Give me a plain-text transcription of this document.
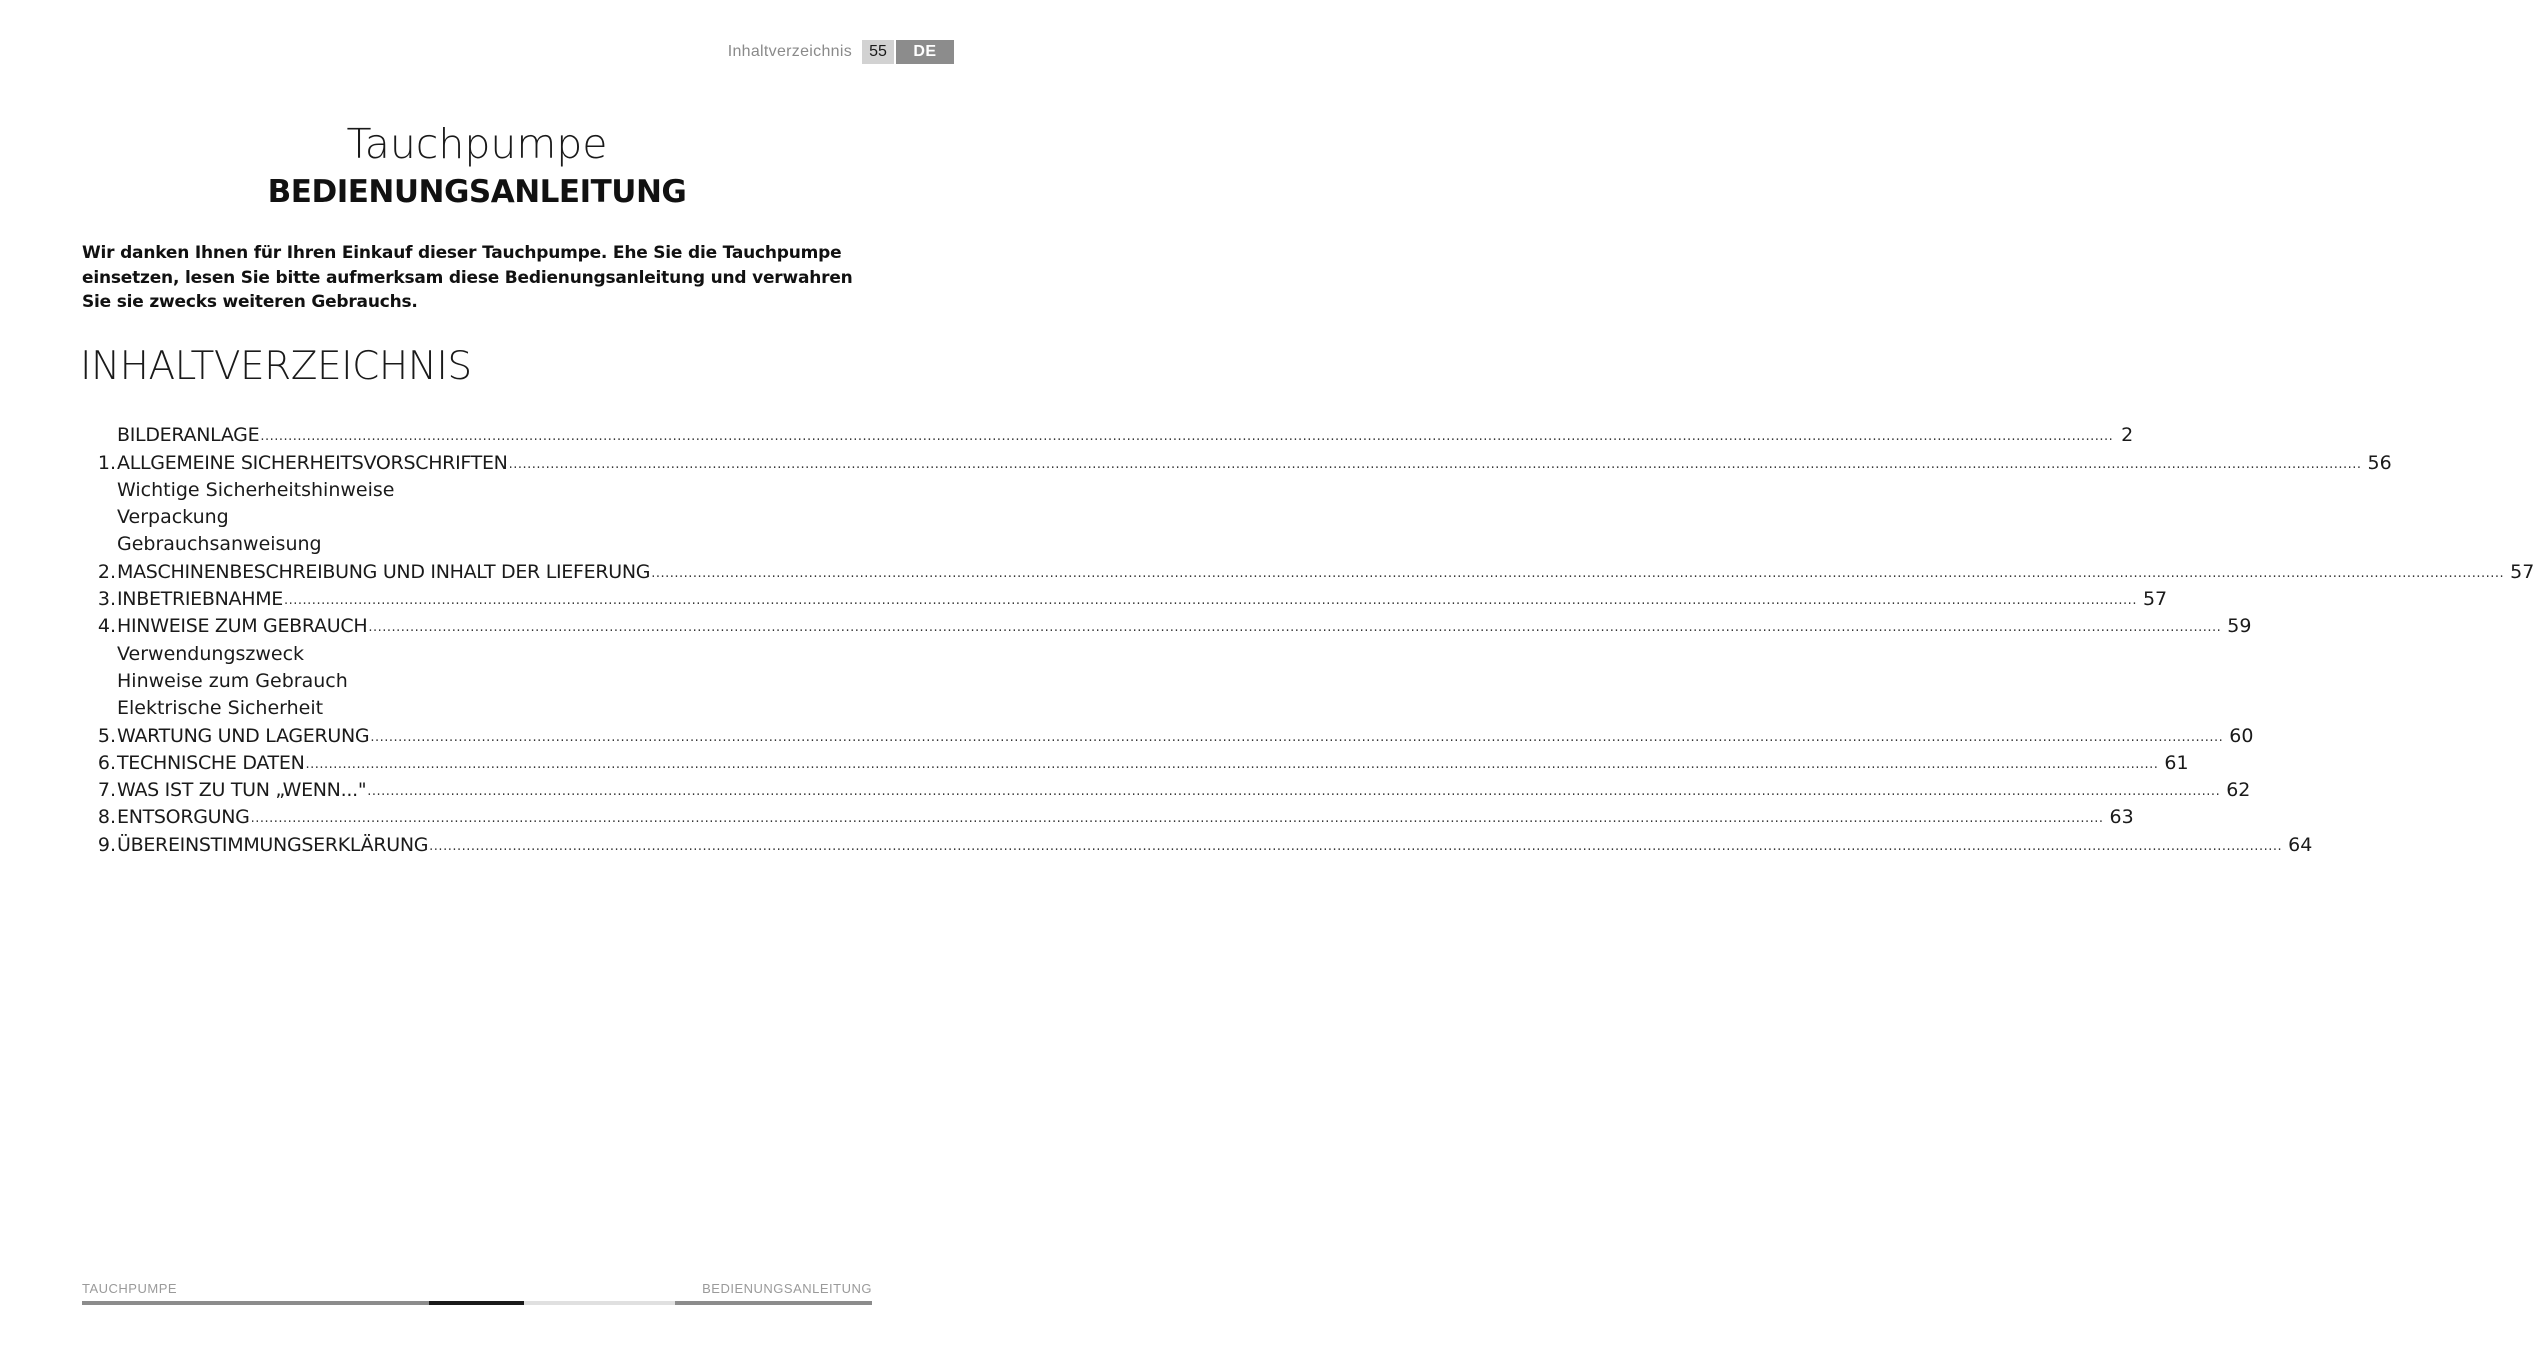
Inhaltverzeichnis	55	DE
Tauchpumpe
BEDIENUNGSANLEITUNG

Wir danken Ihnen für Ihren Einkauf dieser Tauchpumpe. Ehe Sie die Tauchpumpe einsetzen, lesen Sie bitte aufmerksam diese Bedienungsanleitung und verwahren Sie sie zwecks weiteren Gebrauchs.

INHALTVERZEICHNIS
BILDERANLAGE ................................................................................................................................................................................................................................................................................................................................................................................................................ 2
1. ALLGEMEINE SICHERHEITSVORSCHRIFTEN ................................................................................................................................................................................................................................................................................................................................................................................................................ 56
Wichtige Sicherheitshinweise
Verpackung
Gebrauchsanweisung
2. MASCHINENBESCHREIBUNG UND INHALT DER LIEFERUNG ................................................................................................................................................................................................................................................................................................................................................................................................................ 57
3. INBETRIEBNAHME ................................................................................................................................................................................................................................................................................................................................................................................................................ 57
4. HINWEISE ZUM GEBRAUCH ................................................................................................................................................................................................................................................................................................................................................................................................................ 59
Verwendungszweck
Hinweise zum Gebrauch
Elektrische Sicherheit
5. WARTUNG UND LAGERUNG ................................................................................................................................................................................................................................................................................................................................................................................................................ 60
6. TECHNISCHE DATEN ................................................................................................................................................................................................................................................................................................................................................................................................................ 61
7. WAS IST ZU TUN „WENN..." ................................................................................................................................................................................................................................................................................................................................................................................................................ 62
8. ENTSORGUNG ................................................................................................................................................................................................................................................................................................................................................................................................................ 63
9. ÜBEREINSTIMMUNGSERKLÄRUNG ................................................................................................................................................................................................................................................................................................................................................................................................................ 64
TAUCHPUMPE	BEDIENUNGSANLEITUNG
